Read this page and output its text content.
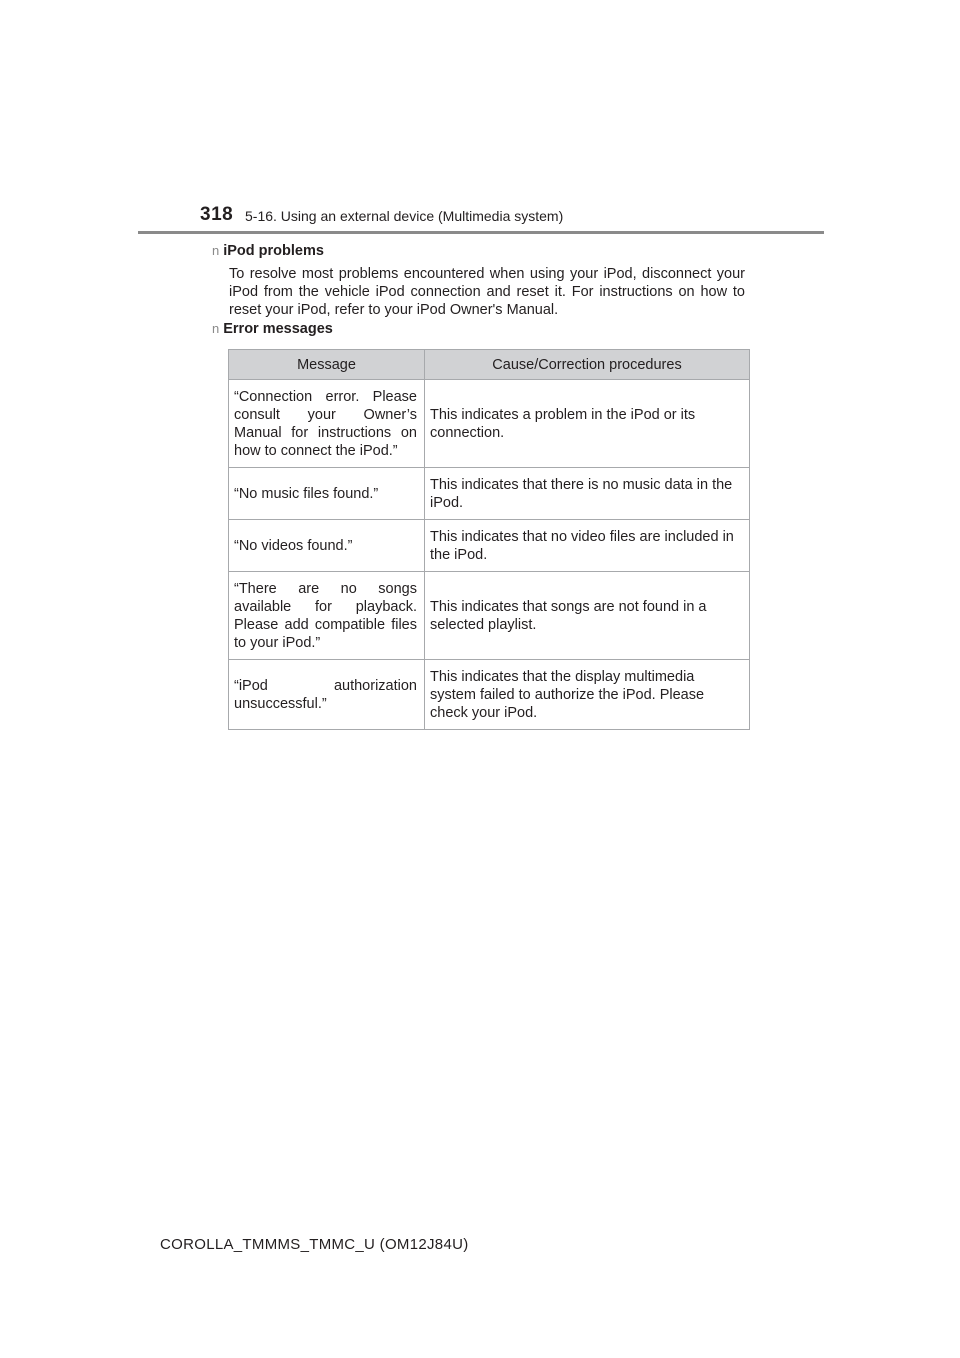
318 5-16. Using an external device (Multimedia system)
n iPod problems
To resolve most problems encountered when using your iPod, disconnect your iPod from the vehicle iPod connection and reset it. For instructions on how to reset your iPod, refer to your iPod Owner's Manual.
n Error messages
Message	Cause/Correction procedures
“Connection error. Please consult your Owner’s Manual for instructions on how to connect the iPod.”	This indicates a problem in the iPod or its connection.
“No music files found.”	This indicates that there is no music data in the iPod.
“No videos found.”	This indicates that no video files are included in the iPod.
“There are no songs available for playback. Please add compatible files to your iPod.”	This indicates that songs are not found in a selected playlist.
“iPod authorization unsuccessful.”	This indicates that the display multimedia system failed to authorize the iPod. Please check your iPod.
COROLLA_TMMMS_TMMC_U (OM12J84U)
